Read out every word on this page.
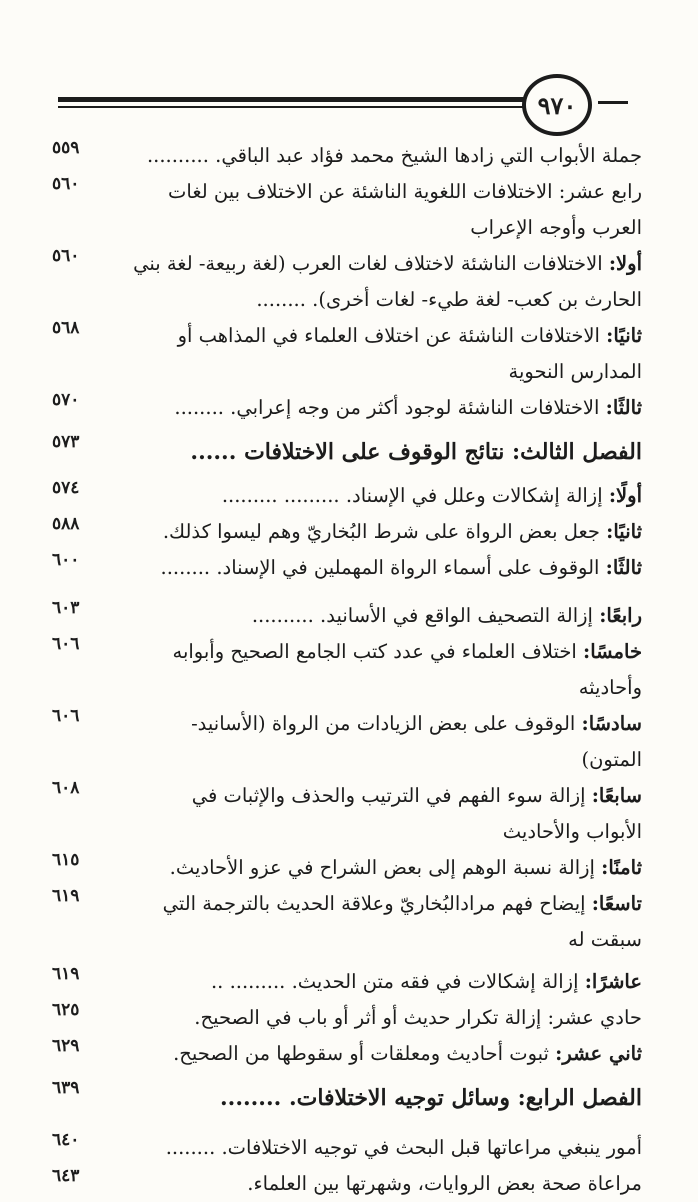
٩٧٠
٥٥٩	جملة الأبواب التي زادها الشيخ محمد فؤاد عبد الباقي. ..........
٥٦٠	رابع عشر: الاختلافات اللغوية الناشئة عن الاختلاف بين لغات العرب وأوجه الإعراب
٥٦٠	أولا: الاختلافات الناشئة لاختلاف لغات العرب (لغة ربيعة- لغة بني الحارث بن كعب- لغة طيء- لغات أخرى). ........
٥٦٨	ثانيًا: الاختلافات الناشئة عن اختلاف العلماء في المذاهب أو المدارس النحوية
٥٧٠	ثالثًا: الاختلافات الناشئة لوجود أكثر من وجه إعرابي. ........
٥٧٣	الفصل الثالث: نتائج الوقوف على الاختلافات ......
٥٧٤	أولًا: إزالة إشكالات وعلل في الإسناد. ......... .........
٥٨٨	ثانيًا: جعل بعض الرواة على شرط البُخاريّ وهم ليسوا كذلك.
٦٠٠	ثالثًا: الوقوف على أسماء الرواة المهملين في الإسناد. ........
٦٠٣	رابعًا: إزالة التصحيف الواقع في الأسانيد. ..........
٦٠٦	خامسًا: اختلاف العلماء في عدد كتب الجامع الصحيح وأبوابه وأحاديثه
٦٠٦	سادسًا: الوقوف على بعض الزيادات من الرواة (الأسانيد- المتون)
٦٠٨	سابعًا: إزالة سوء الفهم في الترتيب والحذف والإثبات في الأبواب والأحاديث
٦١٥	ثامنًا: إزالة نسبة الوهم إلى بعض الشراح في عزو الأحاديث.
٦١٩	تاسعًا: إيضاح فهم مرادالبُخاريّ وعلاقة الحديث بالترجمة التي سبقت له
٦١٩	عاشرًا: إزالة إشكالات في فقه متن الحديث. ......... ..
٦٢٥	حادي عشر: إزالة تكرار حديث أو أثر أو باب في الصحيح.
٦٢٩	ثاني عشر: ثبوت أحاديث ومعلقات أو سقوطها من الصحيح.
٦٣٩	الفصل الرابع: وسائل توجيه الاختلافات. ........
٦٤٠	أمور ينبغي مراعاتها قبل البحث في توجيه الاختلافات. ........
٦٤٣	مراعاة صحة بعض الروايات، وشهرتها بين العلماء.
